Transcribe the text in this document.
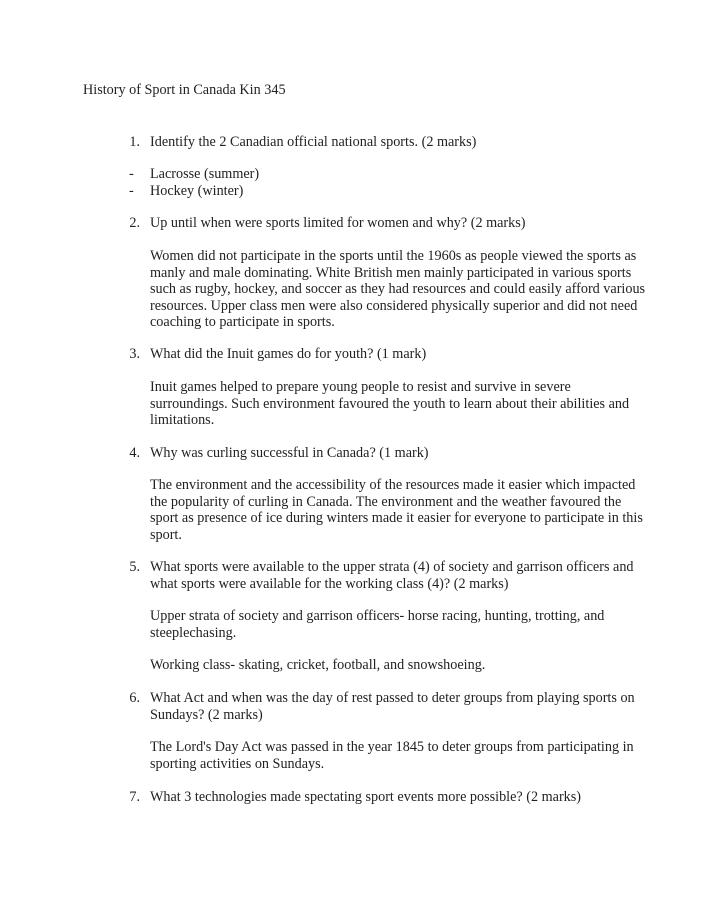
History of Sport in Canada Kin 345
1. Identify the 2 Canadian official national sports. (2 marks)
- Lacrosse (summer)
- Hockey (winter)
2. Up until when were sports limited for women and why? (2 marks)
Women did not participate in the sports until the 1960s as people viewed the sports as manly and male dominating. White British men mainly participated in various sports such as rugby, hockey, and soccer as they had resources and could easily afford various resources. Upper class men were also considered physically superior and did not need coaching to participate in sports.
3. What did the Inuit games do for youth? (1 mark)
Inuit games helped to prepare young people to resist and survive in severe surroundings. Such environment favoured the youth to learn about their abilities and limitations.
4. Why was curling successful in Canada? (1 mark)
The environment and the accessibility of the resources made it easier which impacted the popularity of curling in Canada. The environment and the weather favoured the sport as presence of ice during winters made it easier for everyone to participate in this sport.
5. What sports were available to the upper strata (4) of society and garrison officers and what sports were available for the working class (4)? (2 marks)
Upper strata of society and garrison officers- horse racing, hunting, trotting, and steeplechasing.
Working class- skating, cricket, football, and snowshoeing.
6. What Act and when was the day of rest passed to deter groups from playing sports on Sundays? (2 marks)
The Lord's Day Act was passed in the year 1845 to deter groups from participating in sporting activities on Sundays.
7. What 3 technologies made spectating sport events more possible? (2 marks)
